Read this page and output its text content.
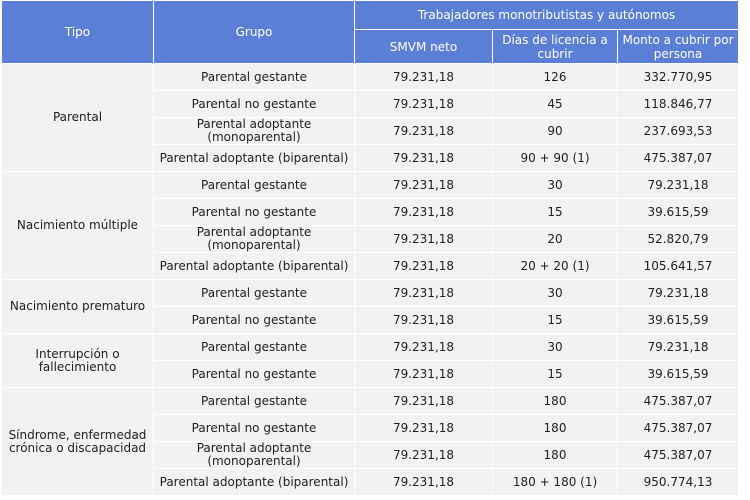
Tipo	Grupo	Trabajadores monotributistas y autónomos		
		SMVM neto	Días de licencia a cubrir	Monto a cubrir por persona
Parental	Parental gestante	79.231,18	126	332.770,95
	Parental no gestante	79.231,18	45	118.846,77
	Parental adoptante (monoparental)	79.231,18	90	237.693,53
	Parental adoptante (biparental)	79.231,18	90 + 90 (1)	475.387,07
Nacimiento múltiple	Parental gestante	79.231,18	30	79.231,18
	Parental no gestante	79.231,18	15	39.615,59
	Parental adoptante (monoparental)	79.231,18	20	52.820,79
	Parental adoptante (biparental)	79.231,18	20 + 20 (1)	105.641,57
Nacimiento prematuro	Parental gestante	79.231,18	30	79.231,18
	Parental no gestante	79.231,18	15	39.615,59
Interrupción o fallecimiento	Parental gestante	79.231,18	30	79.231,18
	Parental no gestante	79.231,18	15	39.615,59
Síndrome, enfermedad crónica o discapacidad	Parental gestante	79.231,18	180	475.387,07
	Parental no gestante	79.231,18	180	475.387,07
	Parental adoptante (monoparental)	79.231,18	180	475.387,07
	Parental adoptante (biparental)	79.231,18	180 + 180 (1)	950.774,13
